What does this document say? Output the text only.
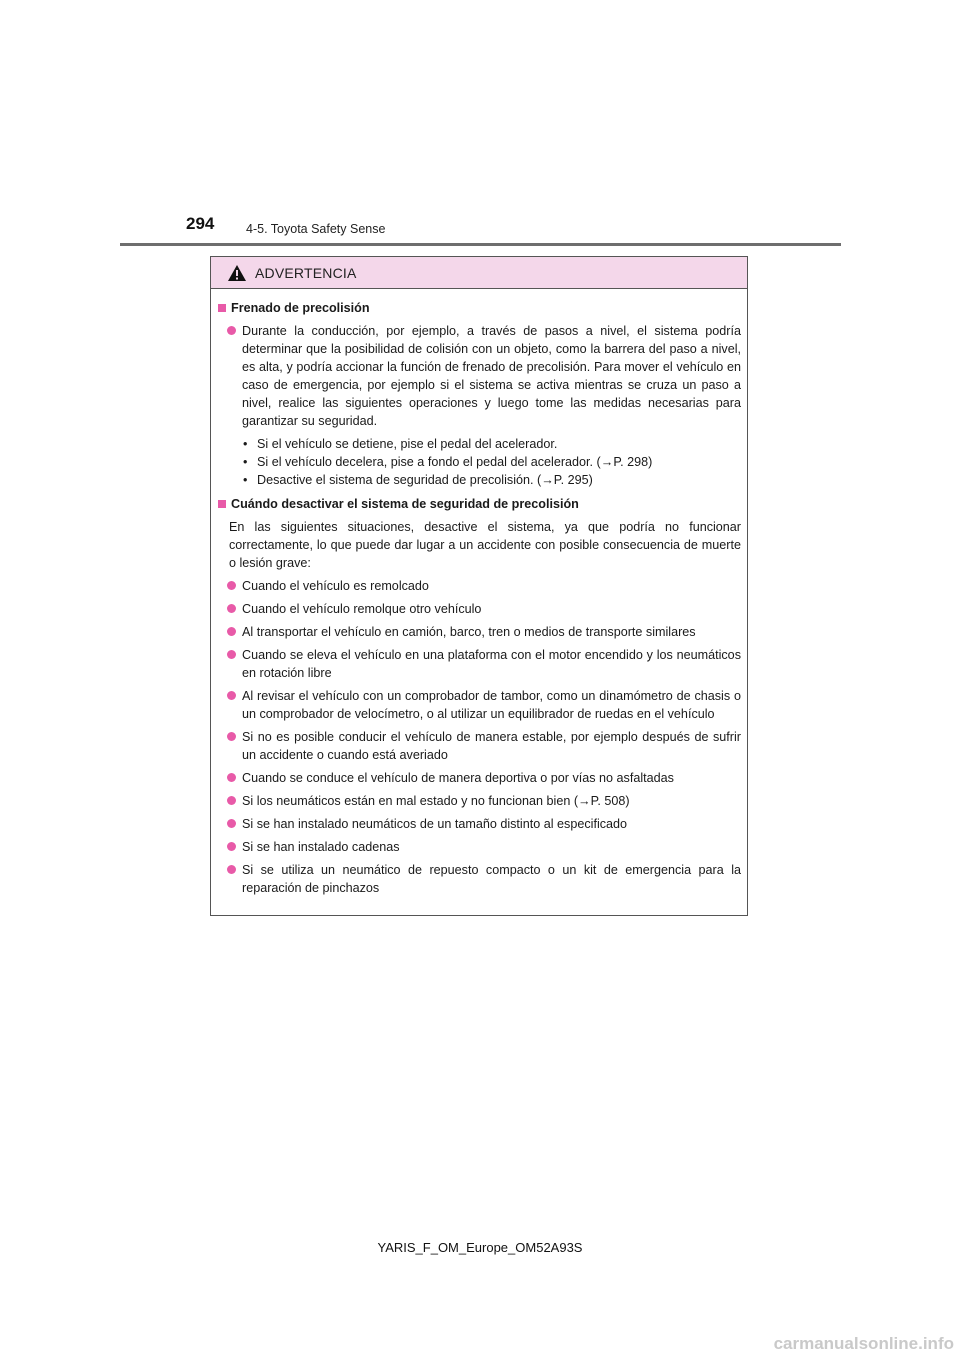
294	4-5. Toyota Safety Sense
ADVERTENCIA
Frenado de precolisión
Durante la conducción, por ejemplo, a través de pasos a nivel, el sistema podría determinar que la posibilidad de colisión con un objeto, como la barrera del paso a nivel, es alta, y podría accionar la función de frenado de precolisión. Para mover el vehículo en caso de emergencia, por ejemplo si el sistema se activa mientras se cruza un paso a nivel, realice las siguientes operaciones y luego tome las medidas necesarias para garantizar su seguridad.
• Si el vehículo se detiene, pise el pedal del acelerador.
• Si el vehículo decelera, pise a fondo el pedal del acelerador. (→P. 298)
• Desactive el sistema de seguridad de precolisión. (→P. 295)
Cuándo desactivar el sistema de seguridad de precolisión
En las siguientes situaciones, desactive el sistema, ya que podría no funcionar correctamente, lo que puede dar lugar a un accidente con posible consecuencia de muerte o lesión grave:
Cuando el vehículo es remolcado
Cuando el vehículo remolque otro vehículo
Al transportar el vehículo en camión, barco, tren o medios de transporte similares
Cuando se eleva el vehículo en una plataforma con el motor encendido y los neumáticos en rotación libre
Al revisar el vehículo con un comprobador de tambor, como un dinamómetro de chasis o un comprobador de velocímetro, o al utilizar un equilibrador de ruedas en el vehículo
Si no es posible conducir el vehículo de manera estable, por ejemplo después de sufrir un accidente o cuando está averiado
Cuando se conduce el vehículo de manera deportiva o por vías no asfaltadas
Si los neumáticos están en mal estado y no funcionan bien (→P. 508)
Si se han instalado neumáticos de un tamaño distinto al especificado
Si se han instalado cadenas
Si se utiliza un neumático de repuesto compacto o un kit de emergencia para la reparación de pinchazos
YARIS_F_OM_Europe_OM52A93S
carmanualsonline.info
